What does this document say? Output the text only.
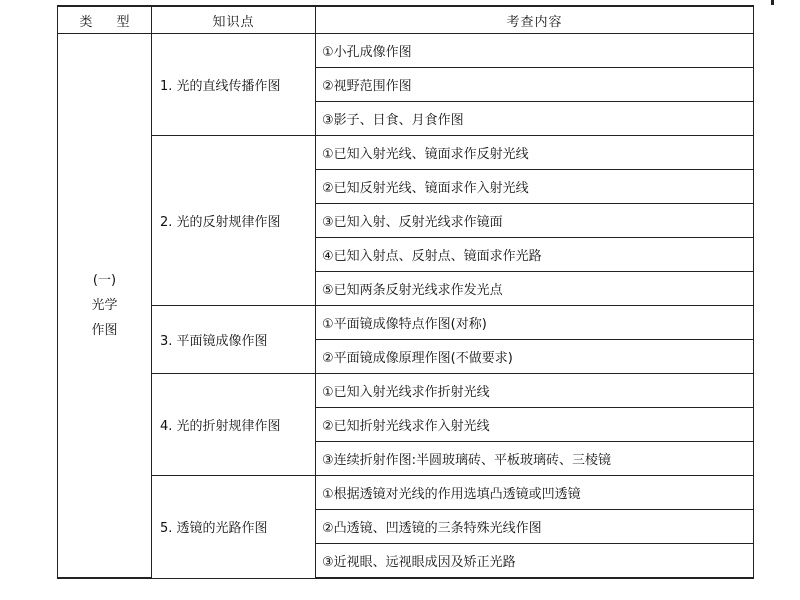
类 型	知识点	考查内容

(一)
光学
作图	1. 光的直线传播作图	①小孔成像作图
		②视野范围作图
		③影子、日食、月食作图
	2. 光的反射规律作图	①已知入射光线、镜面求作反射光线
		②已知反射光线、镜面求作入射光线
		③已知入射、反射光线求作镜面
		④已知入射点、反射点、镜面求作光路
		⑤已知两条反射光线求作发光点
	3. 平面镜成像作图	①平面镜成像特点作图(对称)
		②平面镜成像原理作图(不做要求)
	4. 光的折射规律作图	①已知入射光线求作折射光线
		②已知折射光线求作入射光线
		③连续折射作图:半圆玻璃砖、平板玻璃砖、三棱镜
	5. 透镜的光路作图	①根据透镜对光线的作用选填凸透镜或凹透镜
		②凸透镜、凹透镜的三条特殊光线作图
		③近视眼、远视眼成因及矫正光路
